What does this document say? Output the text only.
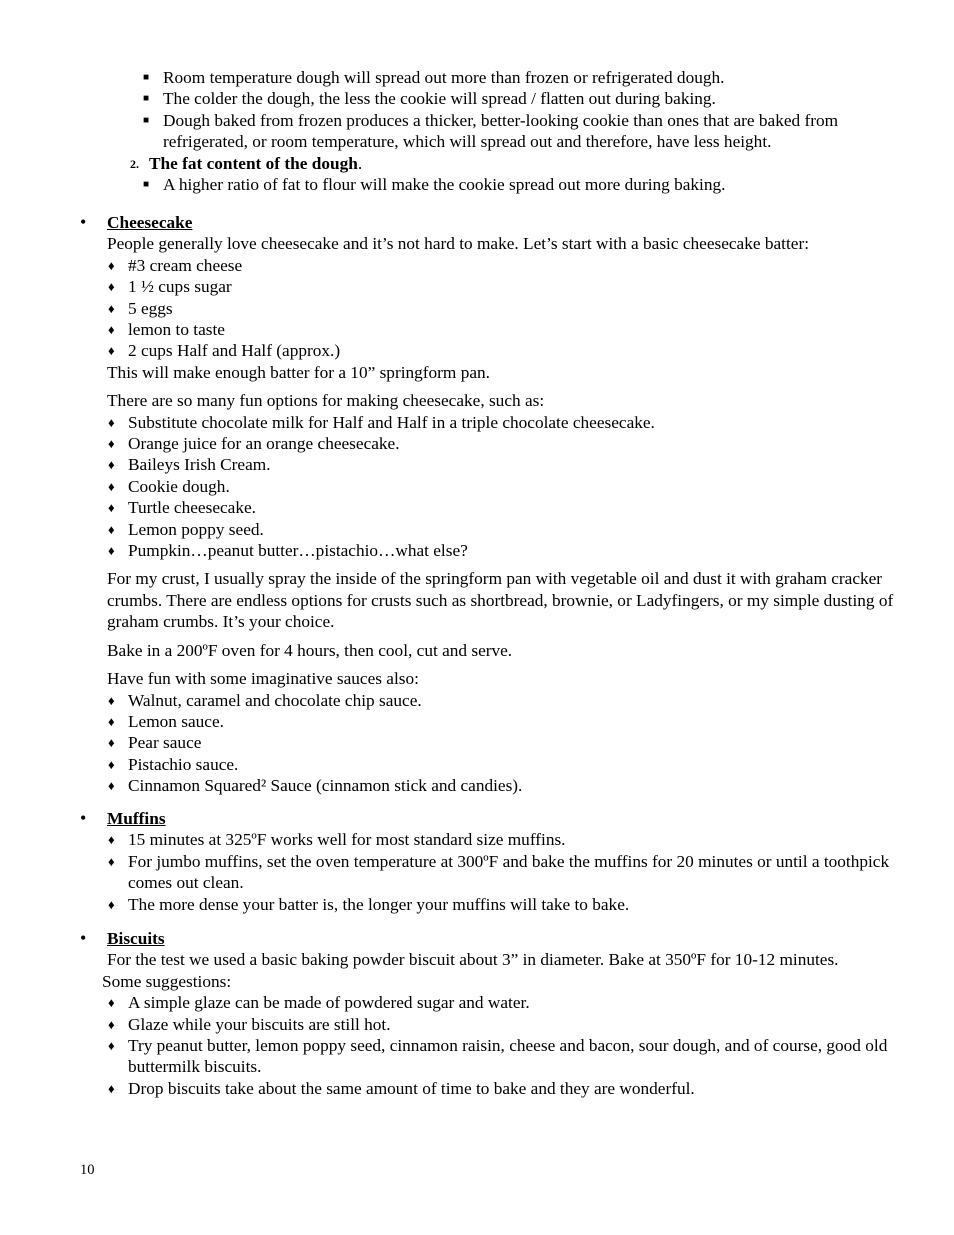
■ Room temperature dough will spread out more than frozen or refrigerated dough.
■ The colder the dough, the less the cookie will spread / flatten out during baking.
■ Dough baked from frozen produces a thicker, better-looking cookie than ones that are baked from refrigerated, or room temperature, which will spread out and therefore, have less height.
2. The fat content of the dough.
■ A higher ratio of fat to flour will make the cookie spread out more during baking.
• Cheesecake
People generally love cheesecake and it’s not hard to make. Let’s start with a basic cheesecake batter:
♦ #3 cream cheese
♦ 1 ½ cups sugar
♦ 5 eggs
♦ lemon to taste
♦ 2 cups Half and Half (approx.)
This will make enough batter for a 10” springform pan.
There are so many fun options for making cheesecake, such as:
♦ Substitute chocolate milk for Half and Half in a triple chocolate cheesecake.
♦ Orange juice for an orange cheesecake.
♦ Baileys Irish Cream.
♦ Cookie dough.
♦ Turtle cheesecake.
♦ Lemon poppy seed.
♦ Pumpkin…peanut butter…pistachio…what else?
For my crust, I usually spray the inside of the springform pan with vegetable oil and dust it with graham cracker crumbs. There are endless options for crusts such as shortbread, brownie, or Ladyfingers, or my simple dusting of graham crumbs. It’s your choice.
Bake in a 200ºF oven for 4 hours, then cool, cut and serve.
Have fun with some imaginative sauces also:
♦ Walnut, caramel and chocolate chip sauce.
♦ Lemon sauce.
♦ Pear sauce
♦ Pistachio sauce.
♦ Cinnamon Squared² Sauce (cinnamon stick and candies).
• Muffins
♦ 15 minutes at 325ºF works well for most standard size muffins.
♦ For jumbo muffins, set the oven temperature at 300ºF and bake the muffins for 20 minutes or until a toothpick comes out clean.
♦ The more dense your batter is, the longer your muffins will take to bake.
• Biscuits
For the test we used a basic baking powder biscuit about 3” in diameter. Bake at 350ºF for 10-12 minutes.
Some suggestions:
♦ A simple glaze can be made of powdered sugar and water.
♦ Glaze while your biscuits are still hot.
♦ Try peanut butter, lemon poppy seed, cinnamon raisin, cheese and bacon, sour dough, and of course, good old buttermilk biscuits.
♦ Drop biscuits take about the same amount of time to bake and they are wonderful.
10
